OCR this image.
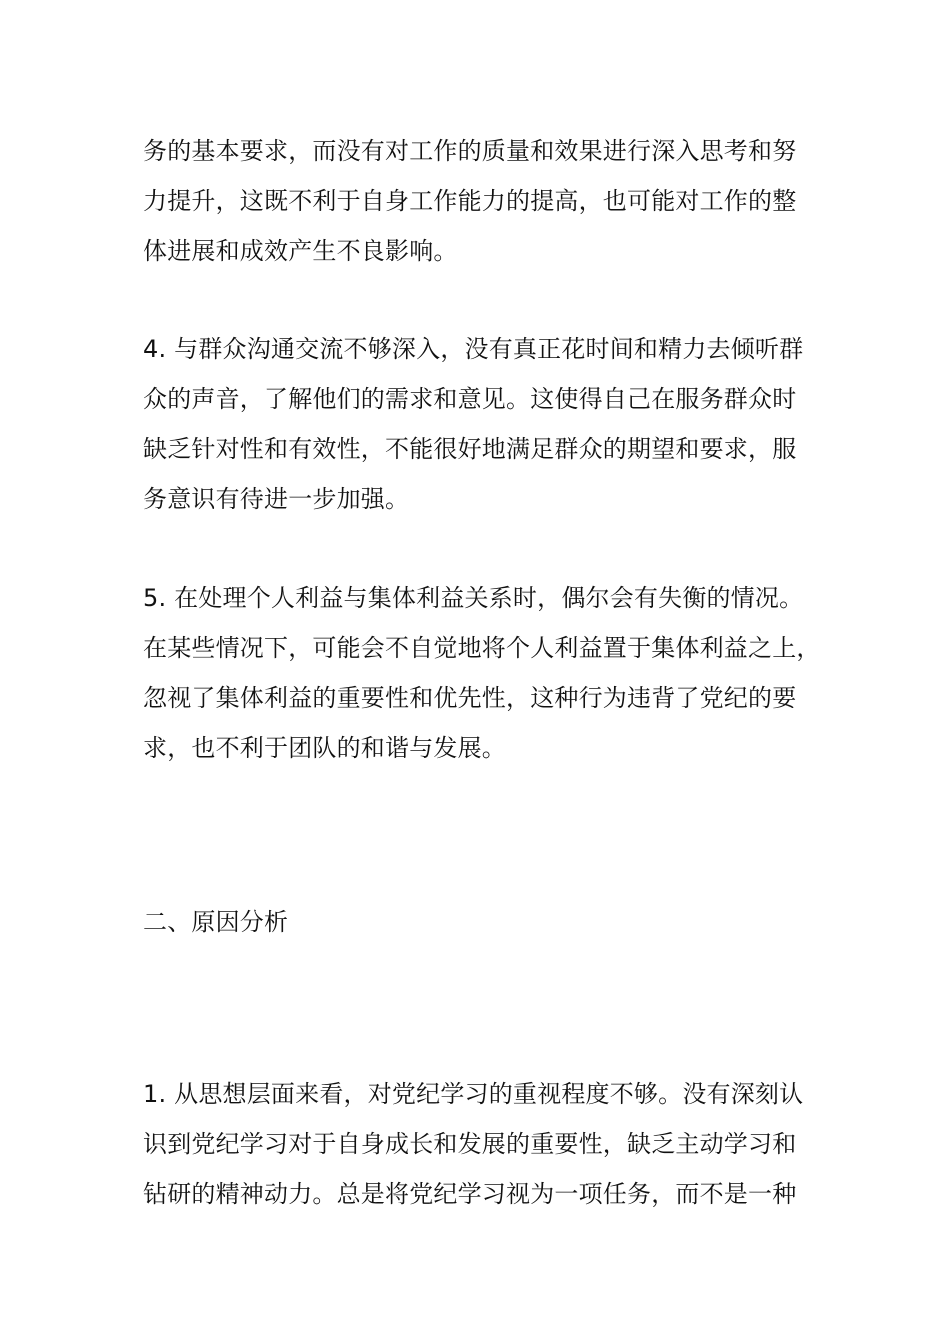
务的基本要求，而没有对工作的质量和效果进行深入思考和努
力提升，这既不利于自身工作能力的提高，也可能对工作的整
体进展和成效产生不良影响。
4. 与群众沟通交流不够深入，没有真正花时间和精力去倾听群
众的声音，了解他们的需求和意见。这使得自己在服务群众时
缺乏针对性和有效性，不能很好地满足群众的期望和要求，服
务意识有待进一步加强。
5. 在处理个人利益与集体利益关系时，偶尔会有失衡的情况。
在某些情况下，可能会不自觉地将个人利益置于集体利益之上，
忽视了集体利益的重要性和优先性，这种行为违背了党纪的要
求，也不利于团队的和谐与发展。
二、原因分析
1. 从思想层面来看，对党纪学习的重视程度不够。没有深刻认
识到党纪学习对于自身成长和发展的重要性，缺乏主动学习和
钻研的精神动力。总是将党纪学习视为一项任务，而不是一种
